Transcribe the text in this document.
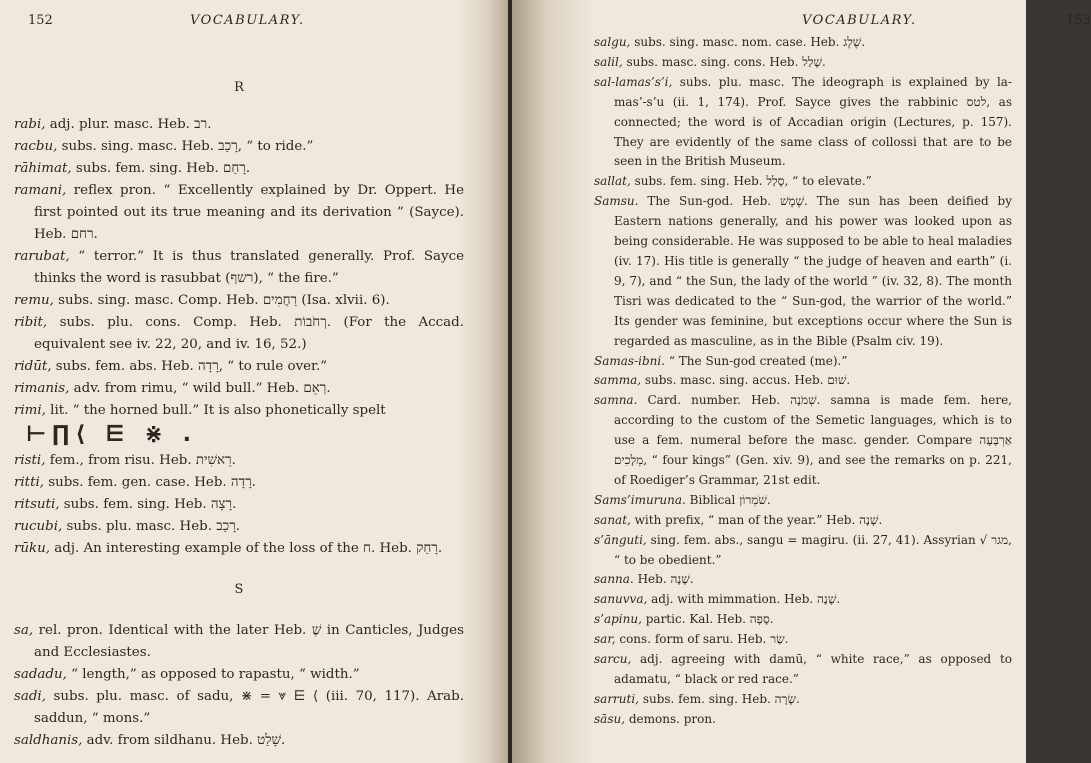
152	VOCABULARY.

R

rabi, adj. plur. masc. Heb. רב.

racbu, subs. sing. masc. Heb. רָכַב, “ to ride.”

rāhimat, subs. fem. sing. Heb. רָחַם.

ramani, reflex pron. “ Excellently explained by Dr. Oppert. He first pointed out its true meaning and its derivation ” (Sayce). Heb. רחם.

rarubat, “ terror.” It is thus translated generally. Prof. Sayce thinks the word is rasubbat (רשף), “ the fire.”

remu, subs. sing. masc. Comp. Heb. רַחֲמִים (Isa. xlvii. 6).

ribit, subs. plu. cons. Comp. Heb. רְחֹבוֹת. (For the Accad. equivalent see iv. 22, 20, and iv. 16, 52.)

ridūt, subs. fem. abs. Heb. רָדָה, “ to rule over.”

rimanis, adv. from rimu, “ wild bull.” Heb. רְאֵם.

rimi, lit. “ the horned bull.” It is also phonetically spelt

⊢∏⟨ ⋿ ⋇ .

risti, fem., from risu. Heb. רֵאשִׁית.

ritti, subs. fem. gen. case. Heb. רָדָה.

ritsuti, subs. fem. sing. Heb. רָצָה.

rucubi, subs. plu. masc. Heb. רָכַב.

rūku, adj. An interesting example of the loss of the ח. Heb. רָחַק.

S

sa, rel. pron. Identical with the later Heb. שֶׁ in Canticles, Judges and Ecclesiastes.

sadadu, “ length,” as opposed to rapastu, “ width.”

sadi, subs. plu. masc. of sadu, ⋇ = ⩔ ⋿ ⟨ (iii. 70, 117). Arab. saddun, “ mons.”

saldhanis, adv. from sildhanu. Heb. שָׁלַט.

VOCABULARY.	153

salgu, subs. sing. masc. nom. case. Heb. שֶׁלֶג.

salil, subs. masc. sing. cons. Heb. שָׁלַל.

sal-lamas’s’i, subs. plu. masc. The ideograph is explained by la-mas’-s’u (ii. 1, 174). Prof. Sayce gives the rabbinic לטס, as connected; the word is of Accadian origin (Lectures, p. 157). They are evidently of the same class of collossi that are to be seen in the British Museum.

sallat, subs. fem. sing. Heb. סָלַל, “ to elevate.”

Samsu. The Sun-god. Heb. שֶׁמֶשׁ. The sun has been deified by Eastern nations generally, and his power was looked upon as being considerable. He was supposed to be able to heal maladies (iv. 17). His title is generally “ the judge of heaven and earth” (i. 9, 7), and “ the Sun, the lady of the world ” (iv. 32, 8). The month Tisri was dedicated to the “ Sun-god, the warrior of the world.” Its gender was feminine, but exceptions occur where the Sun is regarded as masculine, as in the Bible (Psalm civ. 19).

Samas-ibni. “ The Sun-god created (me).”

samma, subs. masc. sing. accus. Heb. שׁוּם.

samna. Card. number. Heb. שְׁמֹנָה. samna is made fem. here, according to the custom of the Semetic languages, which is to use a fem. numeral before the masc. gender. Compare אַרְבָּעָה מְלָכִים, “ four kings” (Gen. xiv. 9), and see the remarks on p. 221, of Roediger’s Grammar, 21st edit.

Sams’imuruna. Biblical שֹׁמְרוֹן.

sanat, with prefix, “ man of the year.” Heb. שָׁנָה.

s’ānguti, sing. fem. abs., sangu = magiru. (ii. 27, 41). Assyrian √ מגר, “ to be obedient.”

sanna. Heb. שָׁנָה.

sanuvva, adj. with mimmation. Heb. שָׁנָה.

s’apinu, partic. Kal. Heb. סָפָה.

sar, cons. form of saru. Heb. שַׂר.

sarcu, adj. agreeing with damū, “ white race,” as opposed to adamatu, “ black or red race.”

sarruti, subs. fem. sing. Heb. שָׂרָה.

sāsu, demons. pron.
